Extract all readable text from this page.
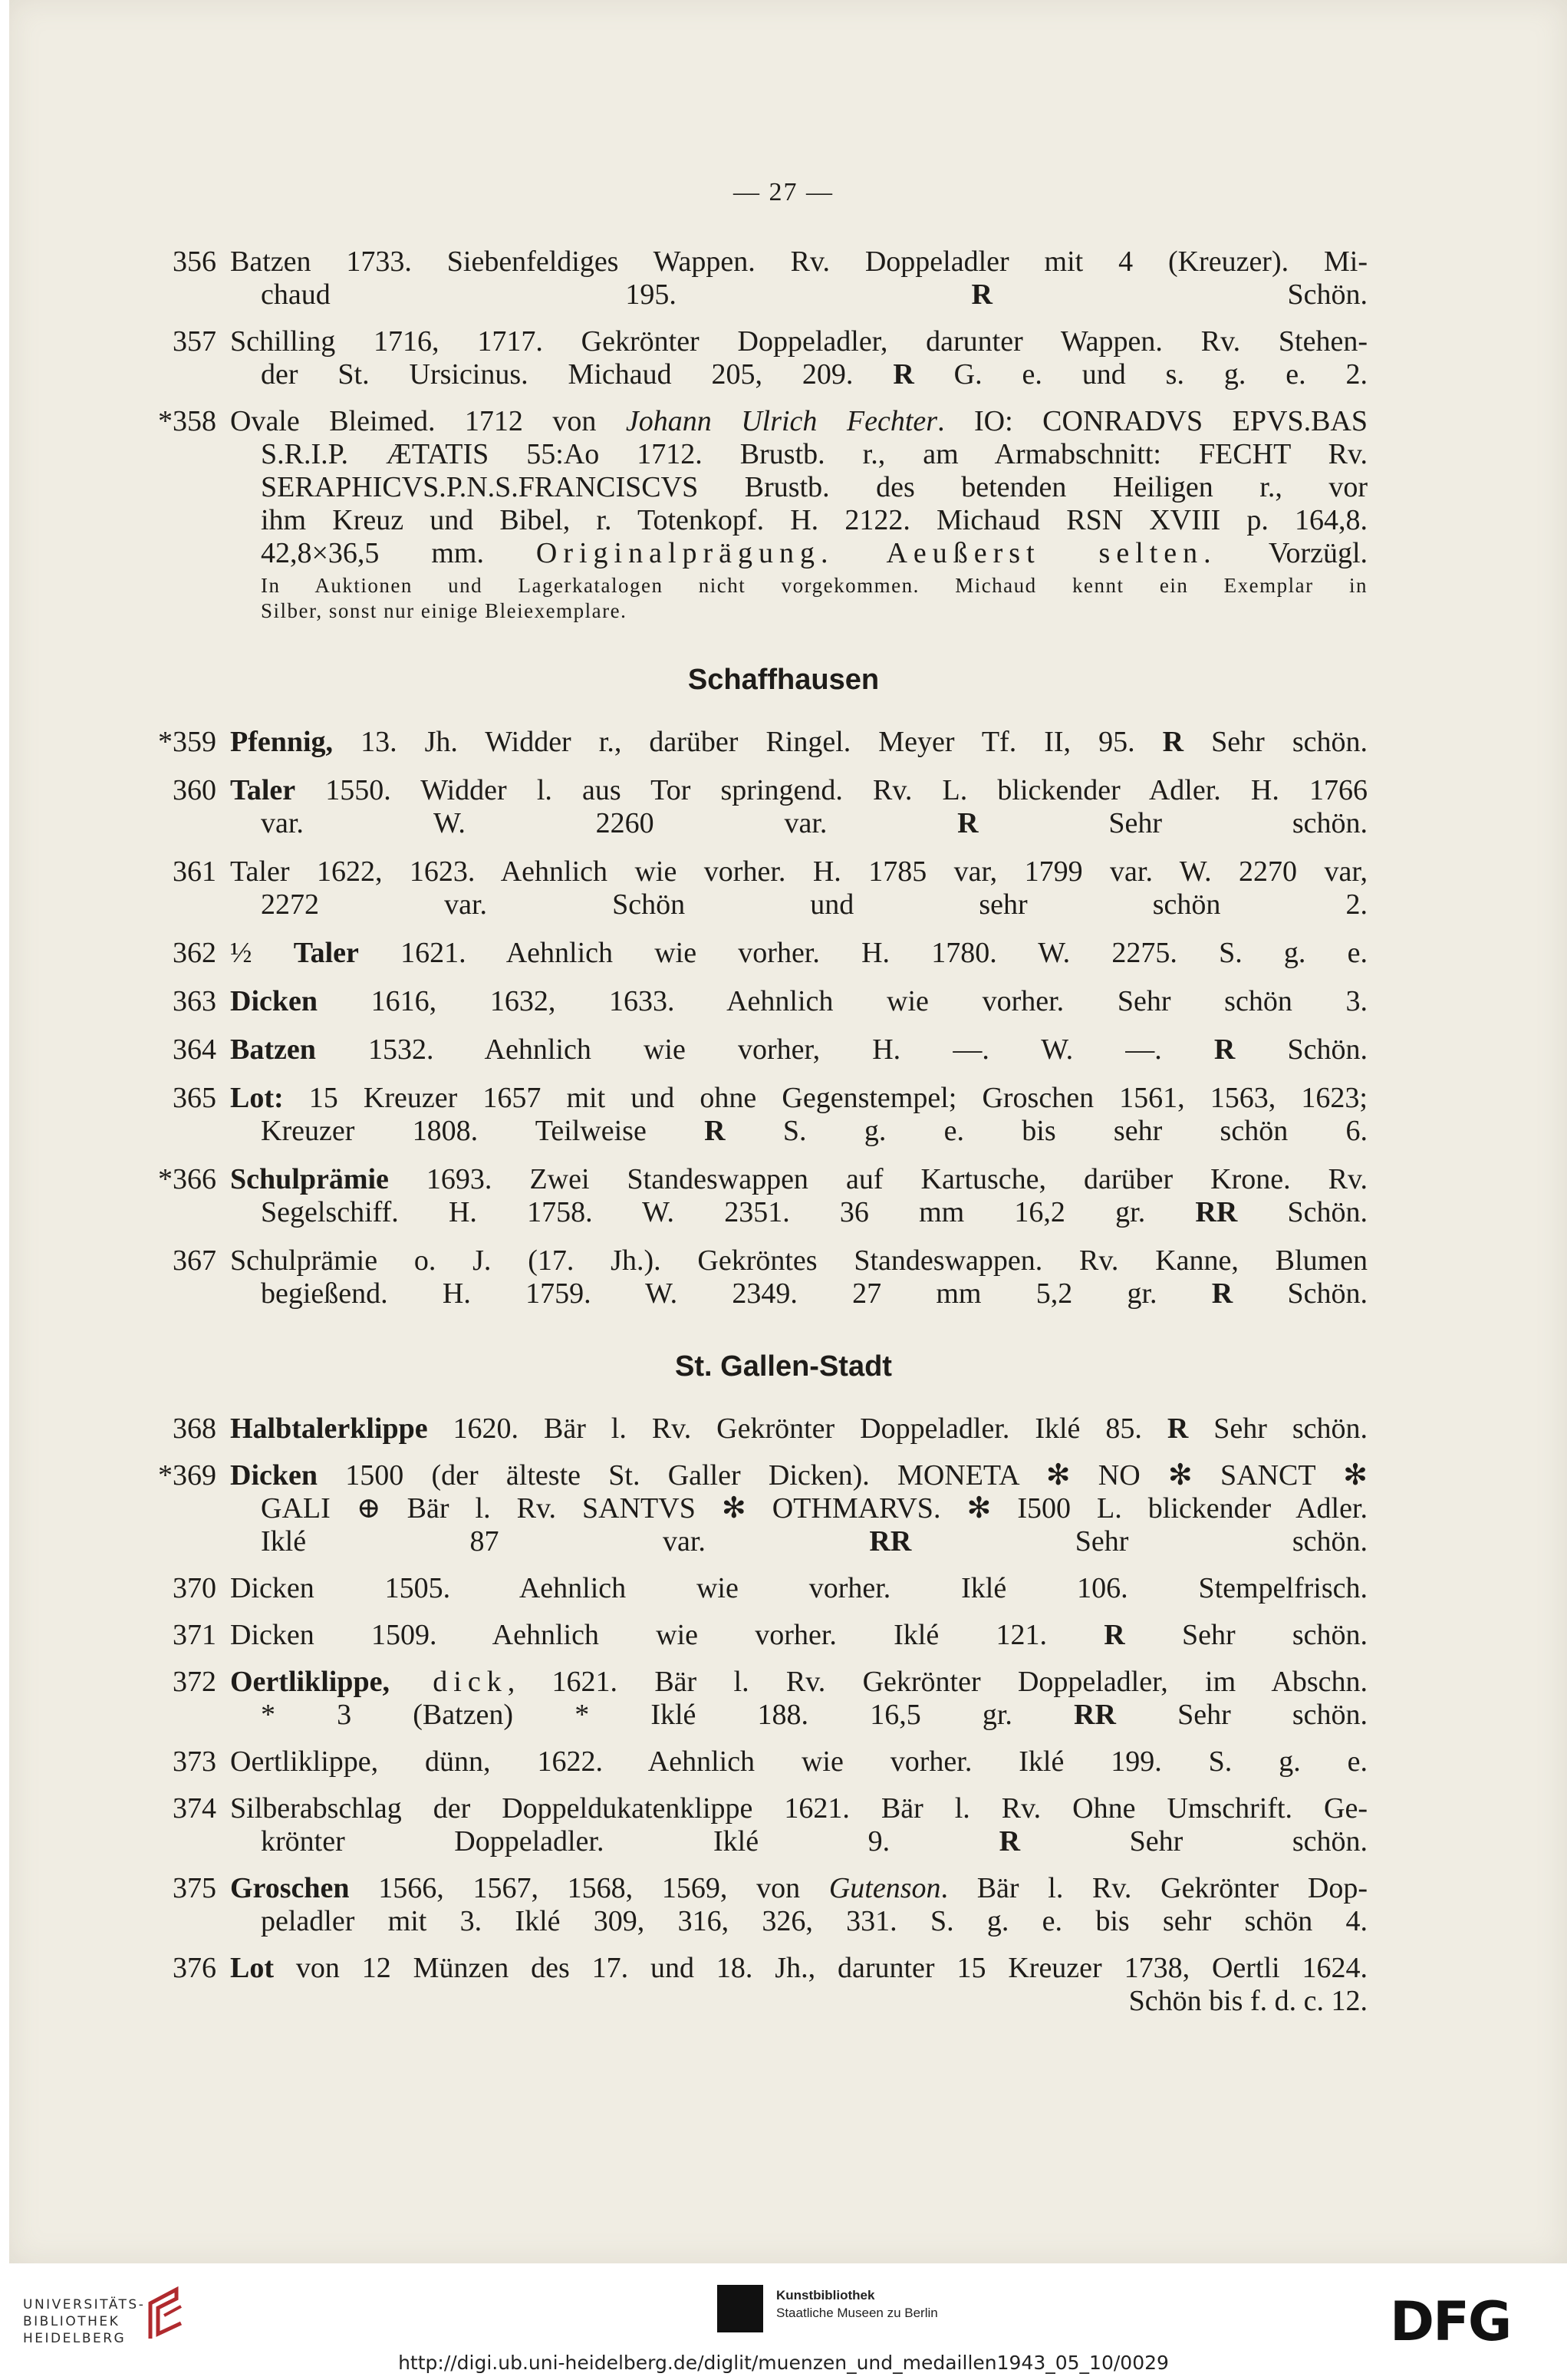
— 27 —
356 Batzen 1733. Siebenfeldiges Wappen. Rv. Doppeladler mit 4 (Kreuzer). Mi-
chaud 195. R	Schön.
357 Schilling 1716, 1717. Gekrönter Doppeladler, darunter Wappen. Rv. Stehen-
der St. Ursicinus. Michaud 205, 209. R G. e. und s. g. e. 2.
*358 Ovale Bleimed. 1712 von Johann Ulrich Fechter. IO: CONRADVS EPVS.BAS
S.R.I.P. ÆTATIS 55:Ao 1712. Brustb. r., am Armabschnitt: FECHT Rv.
SERAPHICVS.P.N.S.FRANCISCVS Brustb. des betenden Heiligen r., vor
ihm Kreuz und Bibel, r. Totenkopf. H. 2122. Michaud RSN XVIII p. 164,8.
42,8×36,5 mm. Originalprägung. Aeußerst selten. Vorzügl.
In Auktionen und Lagerkatalogen nicht vorgekommen. Michaud kennt ein Exemplar in
Silber, sonst nur einige Bleiexemplare.
Schaffhausen
*359 Pfennig, 13. Jh. Widder r., darüber Ringel. Meyer Tf. II, 95. R Sehr schön.
360 Taler 1550. Widder l. aus Tor springend. Rv. L. blickender Adler. H. 1766
var. W. 2260 var. R	Sehr schön.
361 Taler 1622, 1623. Aehnlich wie vorher. H. 1785 var, 1799 var. W. 2270 var,
2272 var.	Schön und sehr schön 2.
362 ½ Taler 1621. Aehnlich wie vorher. H. 1780. W. 2275. S. g. e.
363 Dicken 1616, 1632, 1633. Aehnlich wie vorher. Sehr schön 3.
364 Batzen 1532. Aehnlich wie vorher, H. —. W. —. R Schön.
365 Lot: 15 Kreuzer 1657 mit und ohne Gegenstempel; Groschen 1561, 1563, 1623;
Kreuzer 1808. Teilweise R S. g. e. bis sehr schön 6.
*366 Schulprämie 1693. Zwei Standeswappen auf Kartusche, darüber Krone. Rv.
Segelschiff. H. 1758. W. 2351. 36 mm 16,2 gr. RR Schön.
367 Schulprämie o. J. (17. Jh.). Gekröntes Standeswappen. Rv. Kanne, Blumen
begießend. H. 1759. W. 2349. 27 mm 5,2 gr. R Schön.
St. Gallen-Stadt
368 Halbtalerklippe 1620. Bär l. Rv. Gekrönter Doppeladler. Iklé 85. R Sehr schön.
*369 Dicken 1500 (der älteste St. Galler Dicken). MONETA ✻ NO ✻ SANCT ✻
GALI ⊕ Bär l. Rv. SANTVS ✻ OTHMARVS. ✻ I500 L. blickender Adler.
Iklé 87 var. RR	Sehr schön.
370 Dicken 1505. Aehnlich wie vorher. Iklé 106. Stempelfrisch.
371 Dicken 1509. Aehnlich wie vorher. Iklé 121. R Sehr schön.
372 Oertliklippe, dick, 1621. Bär l. Rv. Gekrönter Doppeladler, im Abschn.
* 3 (Batzen) * Iklé 188. 16,5 gr. RR Sehr schön.
373 Oertliklippe, dünn, 1622. Aehnlich wie vorher. Iklé 199. S. g. e.
374 Silberabschlag der Doppeldukatenklippe 1621. Bär l. Rv. Ohne Umschrift. Ge-
krönter Doppeladler. Iklé 9. R	Sehr schön.
375 Groschen 1566, 1567, 1568, 1569, von Gutenson. Bär l. Rv. Gekrönter Dop-
peladler mit 3. Iklé 309, 316, 326, 331. S. g. e. bis sehr schön 4.
376 Lot von 12 Münzen des 17. und 18. Jh., darunter 15 Kreuzer 1738, Oertli 1624.
Schön bis f. d. c. 12.
UNIVERSITÄTS-
BIBLIOTHEK
HEIDELBERG
Kunstbibliothek
Staatliche Museen zu Berlin	DFG
http://digi.ub.uni-heidelberg.de/diglit/muenzen_und_medaillen1943_05_10/0029
